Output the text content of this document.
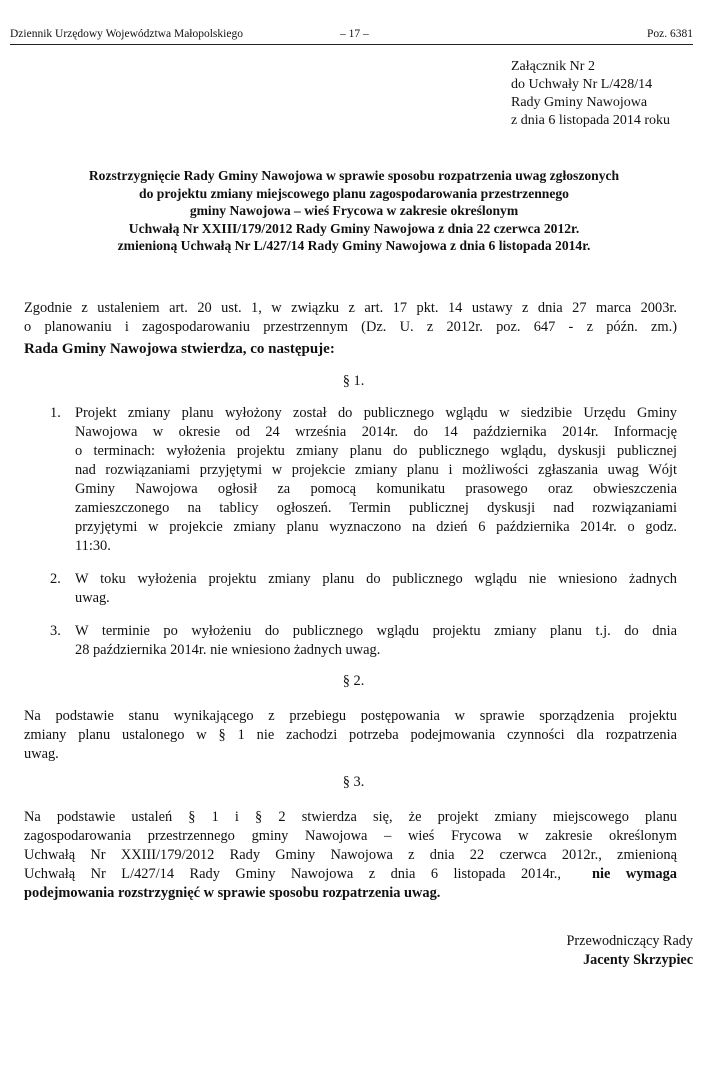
Dziennik Urzędowy Województwa Małopolskiego	– 17 –	Poz. 6381
Załącznik Nr 2
do Uchwały Nr L/428/14
Rady Gminy Nawojowa
z dnia 6 listopada 2014 roku
Rozstrzygnięcie Rady Gminy Nawojowa w sprawie sposobu rozpatrzenia uwag zgłoszonych
do projektu zmiany miejscowego planu zagospodarowania przestrzennego
gminy Nawojowa – wieś Frycowa w zakresie określonym
Uchwałą Nr XXIII/179/2012 Rady Gminy Nawojowa z dnia 22 czerwca 2012r.
zmienioną Uchwałą Nr L/427/14 Rady Gminy Nawojowa z dnia 6 listopada 2014r.
Zgodnie z ustaleniem art. 20 ust. 1, w związku z art. 17 pkt. 14 ustawy z dnia 27 marca 2003r.
o planowaniu i zagospodarowaniu przestrzennym (Dz. U. z 2012r. poz. 647 - z późn. zm.)
Rada Gminy Nawojowa stwierdza, co następuje:
§ 1.
1. Projekt zmiany planu wyłożony został do publicznego wglądu w siedzibie Urzędu Gminy
Nawojowa w okresie od 24 września 2014r. do 14 października 2014r. Informację
o terminach: wyłożenia projektu zmiany planu do publicznego wglądu, dyskusji publicznej
nad rozwiązaniami przyjętymi w projekcie zmiany planu i możliwości zgłaszania uwag Wójt
Gminy Nawojowa ogłosił za pomocą komunikatu prasowego oraz obwieszczenia
zamieszczonego na tablicy ogłoszeń. Termin publicznej dyskusji nad rozwiązaniami
przyjętymi w projekcie zmiany planu wyznaczono na dzień 6 października 2014r. o godz.
11:30.
2. W toku wyłożenia projektu zmiany planu do publicznego wglądu nie wniesiono żadnych
uwag.
3. W terminie po wyłożeniu do publicznego wglądu projektu zmiany planu t.j. do dnia
28 października 2014r. nie wniesiono żadnych uwag.
§ 2.
Na podstawie stanu wynikającego z przebiegu postępowania w sprawie sporządzenia projektu
zmiany planu ustalonego w § 1 nie zachodzi potrzeba podejmowania czynności dla rozpatrzenia
uwag.
§ 3.
Na podstawie ustaleń § 1 i § 2 stwierdza się, że projekt zmiany miejscowego planu
zagospodarowania przestrzennego gminy Nawojowa – wieś Frycowa w zakresie określonym
Uchwałą Nr XXIII/179/2012 Rady Gminy Nawojowa z dnia 22 czerwca 2012r., zmienioną
Uchwałą Nr L/427/14 Rady Gminy Nawojowa z dnia 6 listopada 2014r., nie wymaga
podejmowania rozstrzygnięć w sprawie sposobu rozpatrzenia uwag.
Przewodniczący Rady
Jacenty Skrzypiec
